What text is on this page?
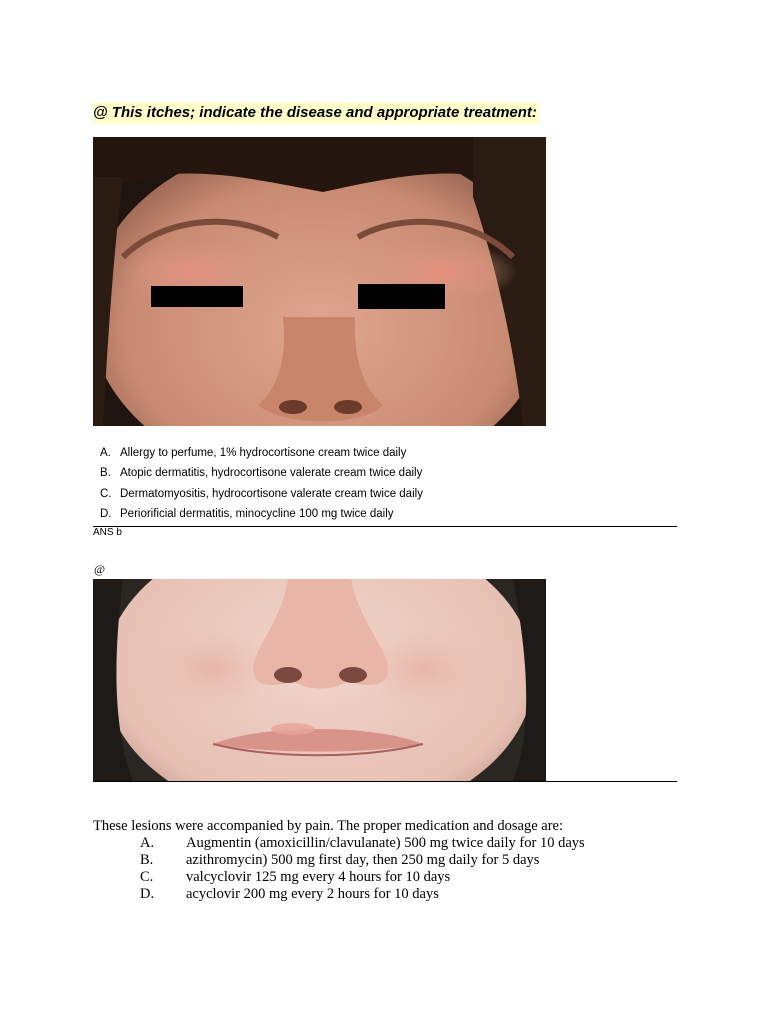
@ This itches; indicate the disease and appropriate treatment:
A. Allergy to perfume, 1% hydrocortisone cream twice daily
B. Atopic dermatitis, hydrocortisone valerate cream twice daily
C. Dermatomyositis, hydrocortisone valerate cream twice daily
D. Perioriﬁcial dermatitis, minocycline 100 mg twice daily
ANS b
@
These lesions were accompanied by pain. The proper medication and dosage are:
A. Augmentin (amoxicillin/clavulanate) 500 mg twice daily for 10 days
B. azithromycin) 500 mg first day, then 250 mg daily for 5 days
C. valcyclovir 125 mg every 4 hours for 10 days
D. acyclovir 200 mg every 2 hours for 10 days
